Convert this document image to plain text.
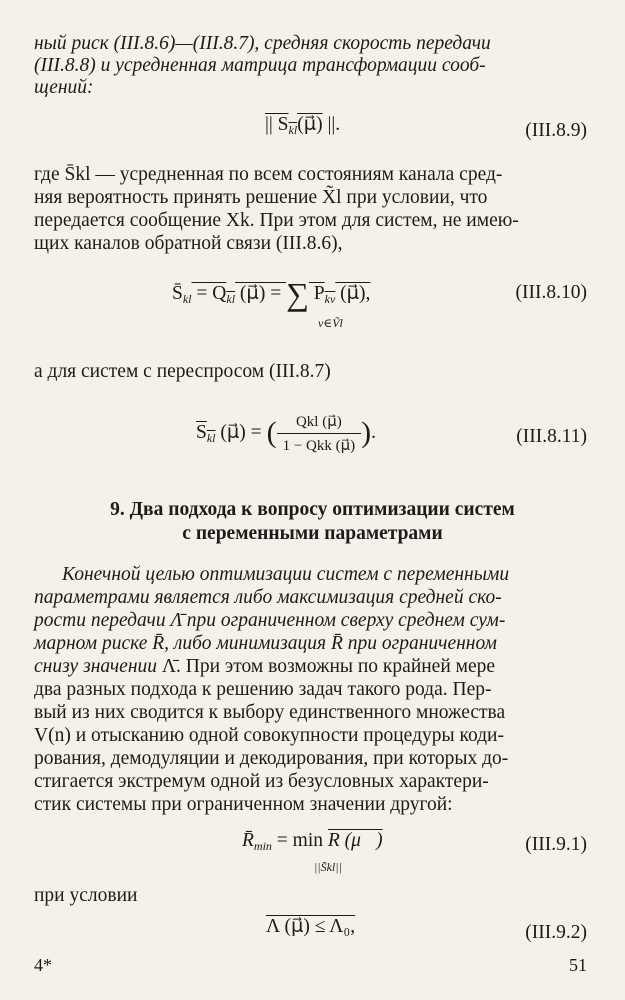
ный риск (III.8.6)—(III.8.7), средняя скорость передачи
(III.8.8) и усредненная матрица трансформации сооб-
щений:
|| $S_{kl}(\mu⃗)$ ||.	(III.8.9)
где S̄kl — усредненная по всем состояниям канала сред-
няя вероятность принять решение X̃l при условии, что
передается сообщение Xk. При этом для систем, не имею-
щих каналов обратной связи (III.8.6),
$S̄_{kl} = Q_{kl}$ (μ⃗) = ∑ $P_{k\nu}$ (μ⃗),
ν∈Ṽl
(III.8.10)
а для систем с переспросом (III.8.7)
$S_{kl}$ (μ⃗) = ( $\frac{\text{Qkl (μ⃗)}}{\text{1 − Qkk (μ⃗)}}$ ).	(III.8.11)
9. Два подхода к вопросу оптимизации систем
с переменными параметрами
Конечной целью оптимизации систем с переменными
параметрами является либо максимизация средней ско-
рости передачи Λ̄ при ограниченном сверху среднем сум-
марном риске R̄, либо минимизация R̄ при ограниченном
снизу значении Λ̄. При этом возможны по крайней мере
два разных подхода к решению задач такого рода. Пер-
вый из них сводится к выбору единственного множества
V(n) и отысканию одной совокупности процедуры коди-
рования, демодуляции и декодирования, при которых до-
стигается экстремум одной из безусловных характери-
стик системы при ограниченном значении другой:
$R̄_{min} = \min R$ (μ⃗)
||S̄kl||
(III.9.1)
при условии
Λ (μ⃗) ≤ Λ₀,	(III.9.2)
4*	51
